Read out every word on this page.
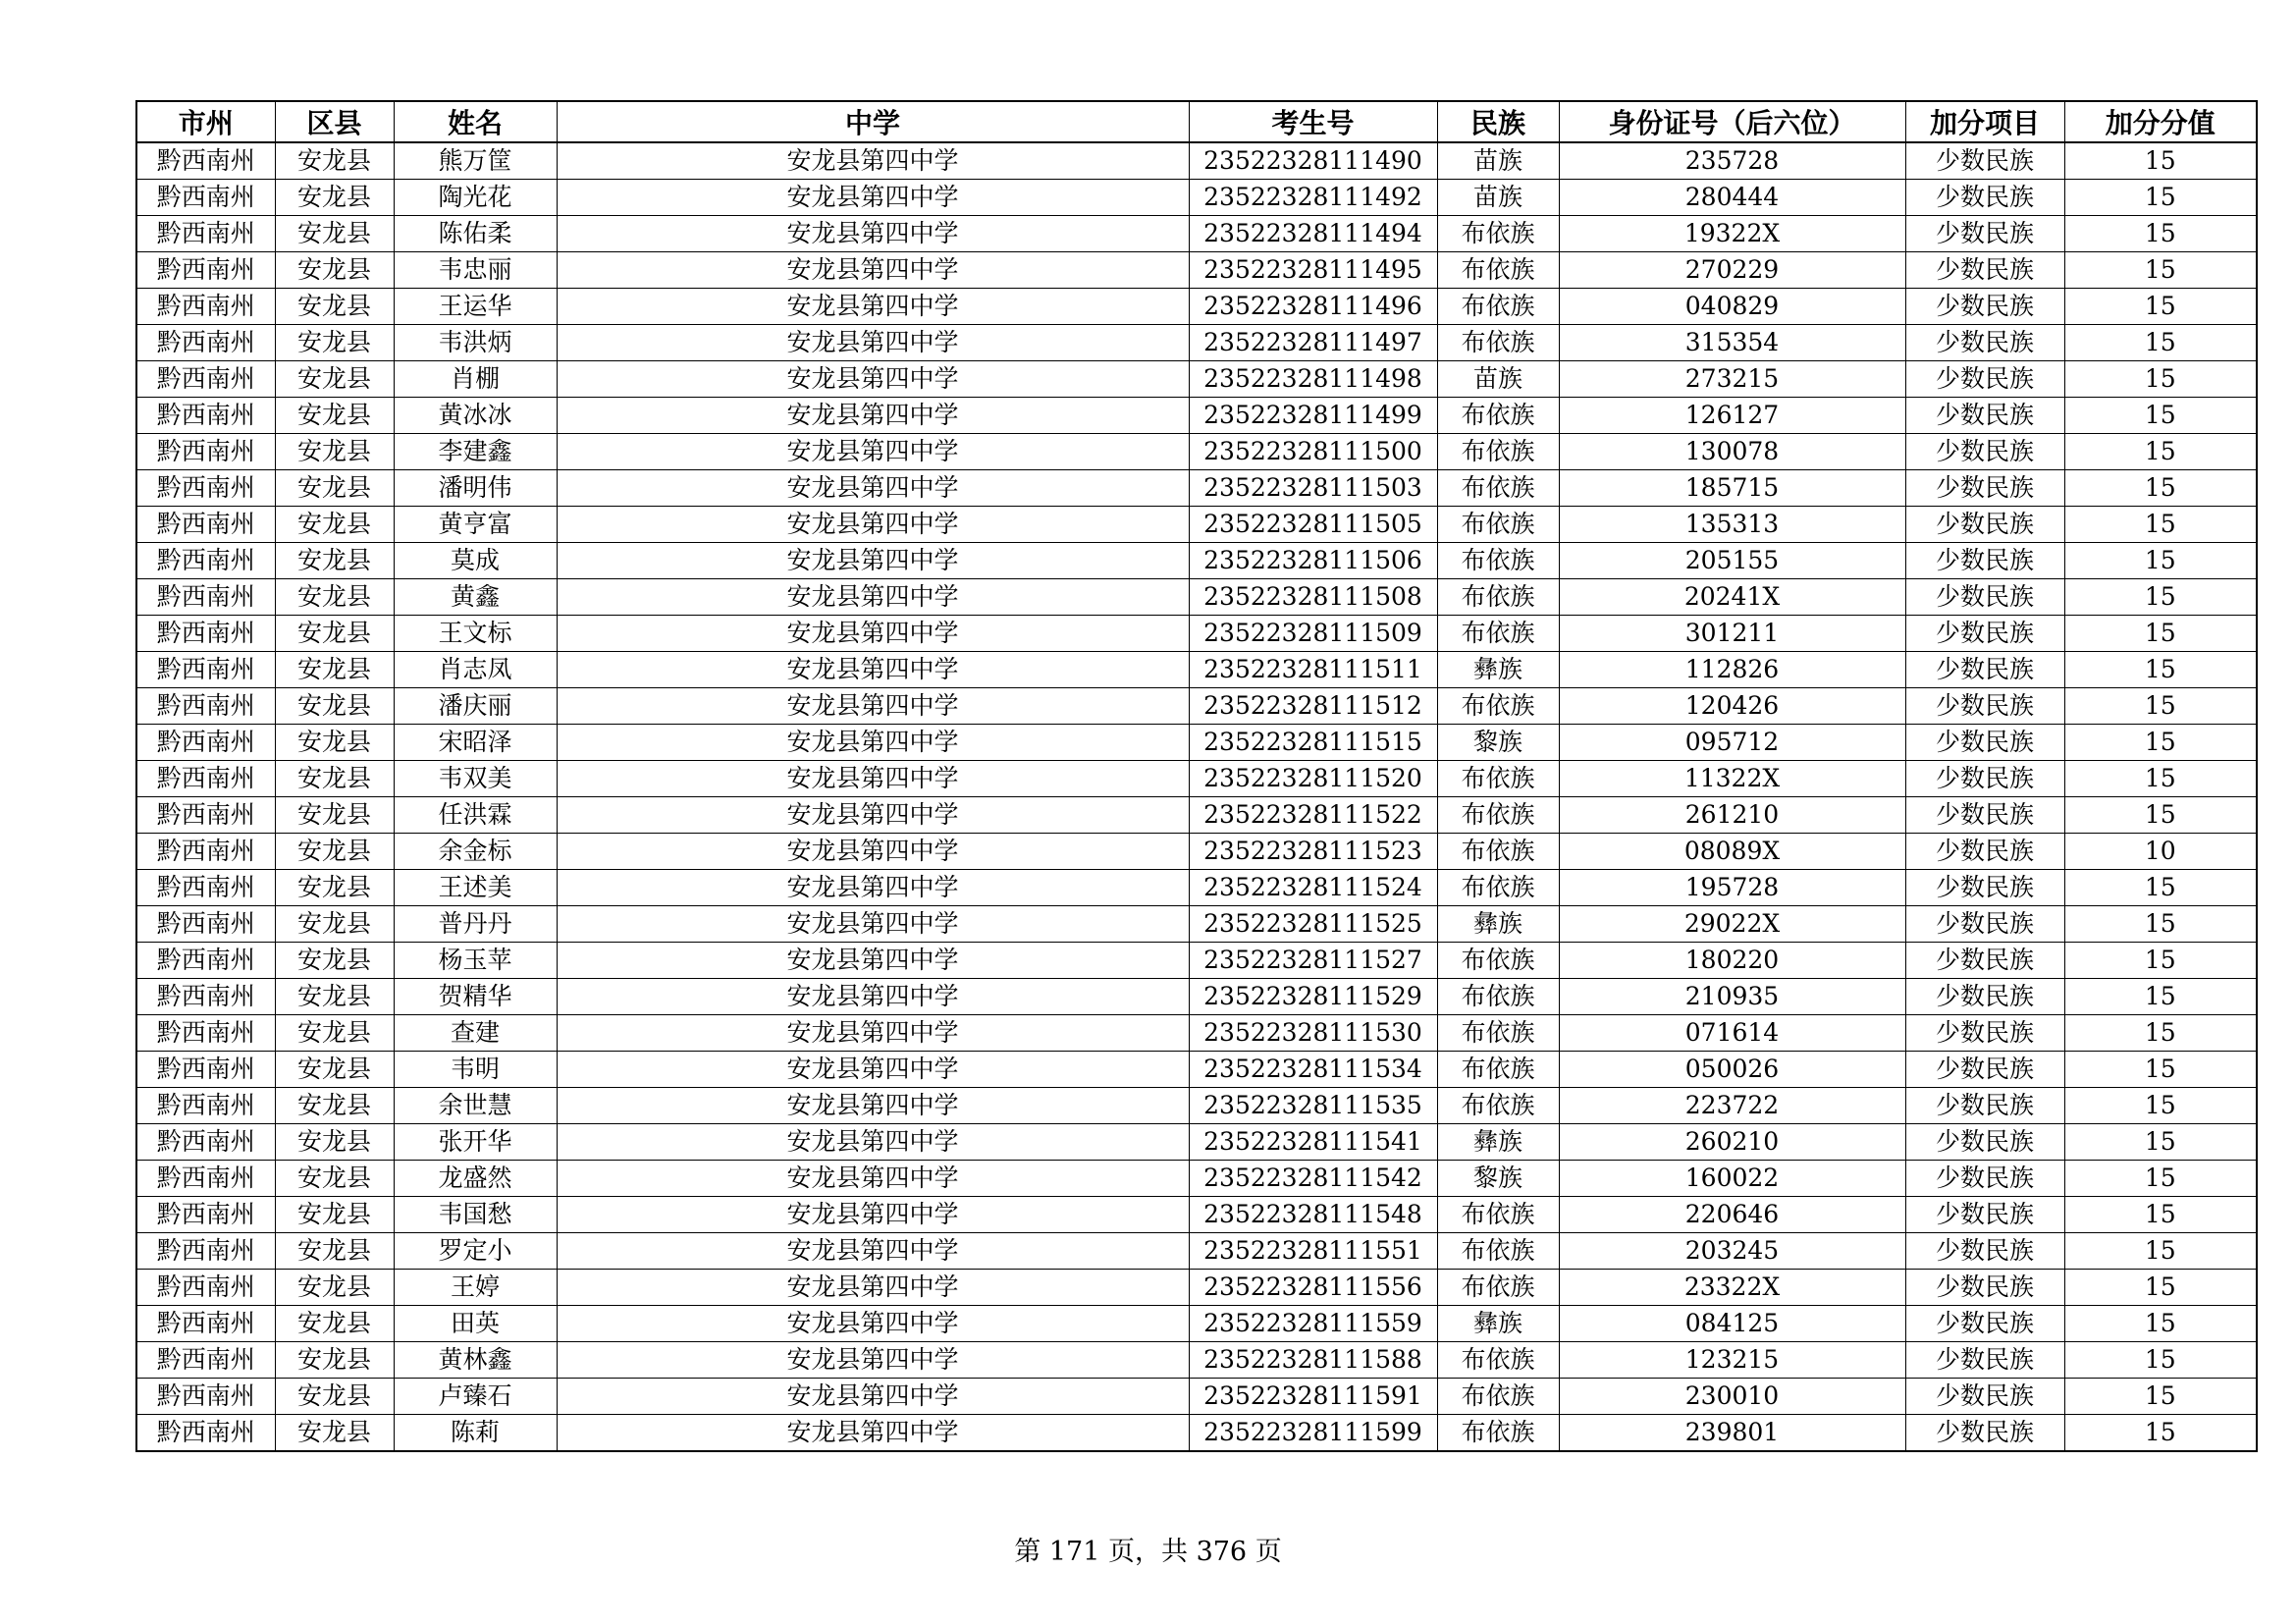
市州	区县	姓名	中学	考生号	民族	身份证号（后六位）	加分项目	加分分值
黔西南州	安龙县	熊万筐	安龙县第四中学	23522328111490	苗族	235728	少数民族	15
黔西南州	安龙县	陶光花	安龙县第四中学	23522328111492	苗族	280444	少数民族	15
黔西南州	安龙县	陈佑柔	安龙县第四中学	23522328111494	布依族	19322X	少数民族	15
黔西南州	安龙县	韦忠丽	安龙县第四中学	23522328111495	布依族	270229	少数民族	15
黔西南州	安龙县	王运华	安龙县第四中学	23522328111496	布依族	040829	少数民族	15
黔西南州	安龙县	韦洪炳	安龙县第四中学	23522328111497	布依族	315354	少数民族	15
黔西南州	安龙县	肖棚	安龙县第四中学	23522328111498	苗族	273215	少数民族	15
黔西南州	安龙县	黄冰冰	安龙县第四中学	23522328111499	布依族	126127	少数民族	15
黔西南州	安龙县	李建鑫	安龙县第四中学	23522328111500	布依族	130078	少数民族	15
黔西南州	安龙县	潘明伟	安龙县第四中学	23522328111503	布依族	185715	少数民族	15
黔西南州	安龙县	黄亨富	安龙县第四中学	23522328111505	布依族	135313	少数民族	15
黔西南州	安龙县	莫成	安龙县第四中学	23522328111506	布依族	205155	少数民族	15
黔西南州	安龙县	黄鑫	安龙县第四中学	23522328111508	布依族	20241X	少数民族	15
黔西南州	安龙县	王文标	安龙县第四中学	23522328111509	布依族	301211	少数民族	15
黔西南州	安龙县	肖志凤	安龙县第四中学	23522328111511	彝族	112826	少数民族	15
黔西南州	安龙县	潘庆丽	安龙县第四中学	23522328111512	布依族	120426	少数民族	15
黔西南州	安龙县	宋昭泽	安龙县第四中学	23522328111515	黎族	095712	少数民族	15
黔西南州	安龙县	韦双美	安龙县第四中学	23522328111520	布依族	11322X	少数民族	15
黔西南州	安龙县	任洪霖	安龙县第四中学	23522328111522	布依族	261210	少数民族	15
黔西南州	安龙县	余金标	安龙县第四中学	23522328111523	布依族	08089X	少数民族	10
黔西南州	安龙县	王述美	安龙县第四中学	23522328111524	布依族	195728	少数民族	15
黔西南州	安龙县	普丹丹	安龙县第四中学	23522328111525	彝族	29022X	少数民族	15
黔西南州	安龙县	杨玉苹	安龙县第四中学	23522328111527	布依族	180220	少数民族	15
黔西南州	安龙县	贺精华	安龙县第四中学	23522328111529	布依族	210935	少数民族	15
黔西南州	安龙县	查建	安龙县第四中学	23522328111530	布依族	071614	少数民族	15
黔西南州	安龙县	韦明	安龙县第四中学	23522328111534	布依族	050026	少数民族	15
黔西南州	安龙县	余世慧	安龙县第四中学	23522328111535	布依族	223722	少数民族	15
黔西南州	安龙县	张开华	安龙县第四中学	23522328111541	彝族	260210	少数民族	15
黔西南州	安龙县	龙盛然	安龙县第四中学	23522328111542	黎族	160022	少数民族	15
黔西南州	安龙县	韦国愁	安龙县第四中学	23522328111548	布依族	220646	少数民族	15
黔西南州	安龙县	罗定小	安龙县第四中学	23522328111551	布依族	203245	少数民族	15
黔西南州	安龙县	王婷	安龙县第四中学	23522328111556	布依族	23322X	少数民族	15
黔西南州	安龙县	田英	安龙县第四中学	23522328111559	彝族	084125	少数民族	15
黔西南州	安龙县	黄林鑫	安龙县第四中学	23522328111588	布依族	123215	少数民族	15
黔西南州	安龙县	卢臻石	安龙县第四中学	23522328111591	布依族	230010	少数民族	15
黔西南州	安龙县	陈莉	安龙县第四中学	23522328111599	布依族	239801	少数民族	15
第 171 页，共 376 页
